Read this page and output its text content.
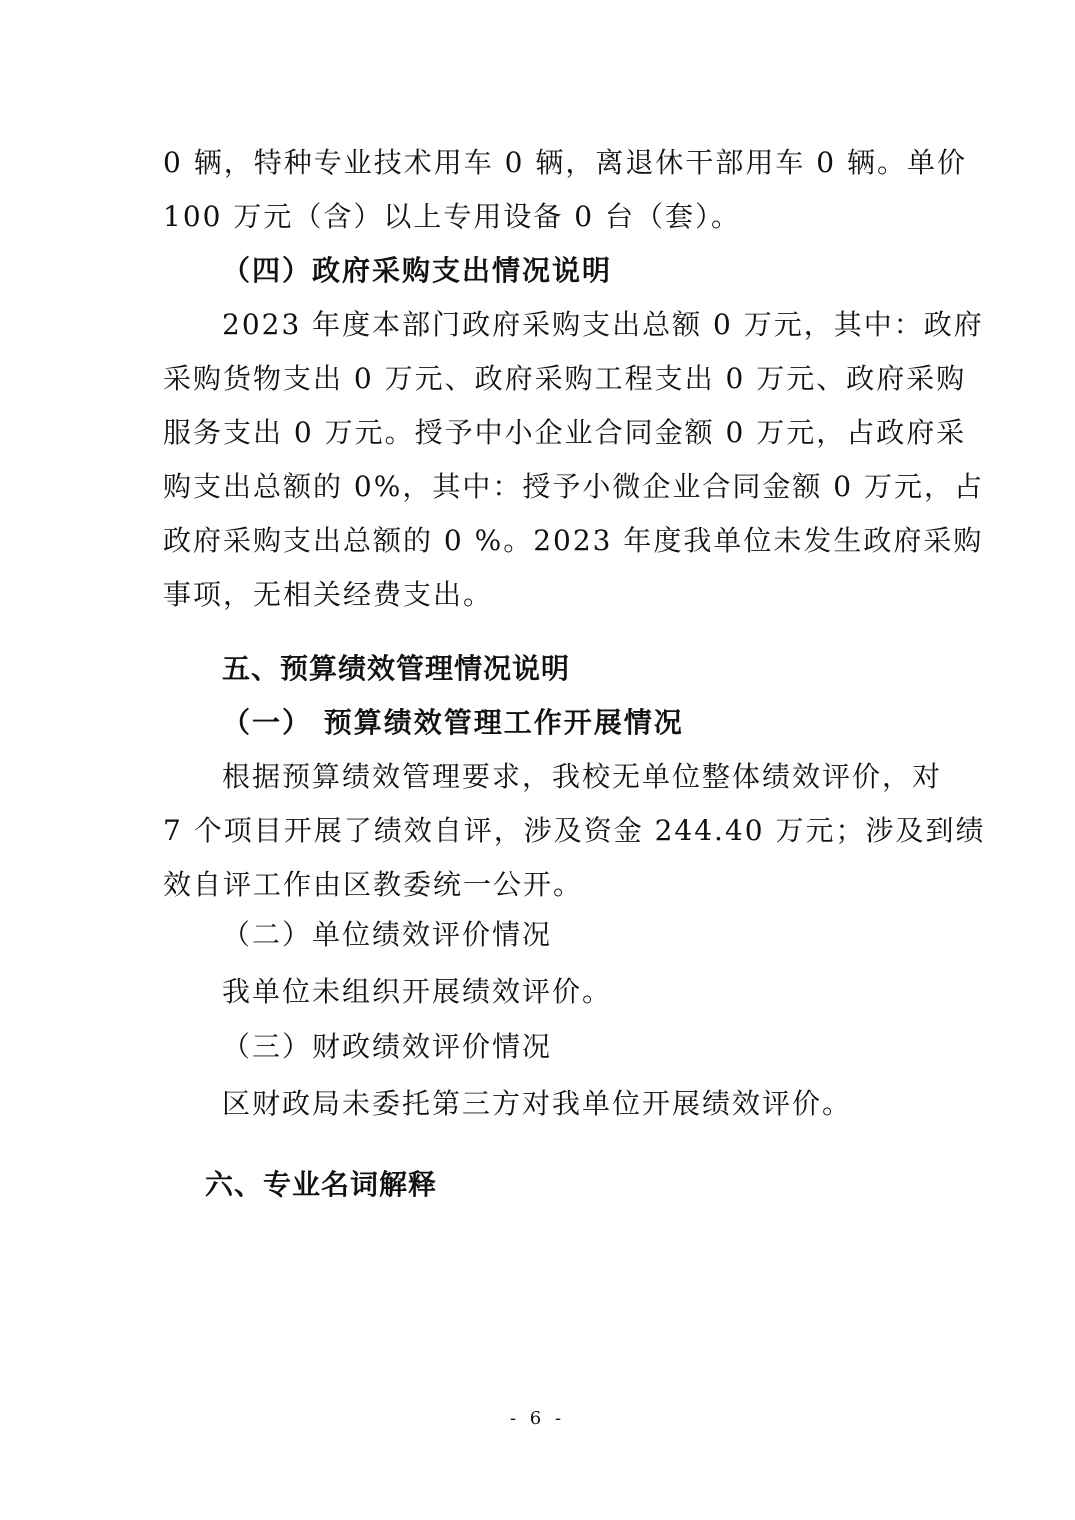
0 辆，特种专业技术用车 0 辆，离退休干部用车 0 辆。单价
100 万元（含）以上专用设备 0 台（套）。
（四）政府采购支出情况说明
2023 年度本部门政府采购支出总额 0 万元，其中：政府
采购货物支出 0 万元、政府采购工程支出 0 万元、政府采购
服务支出 0 万元。授予中小企业合同金额 0 万元，占政府采
购支出总额的 0%，其中：授予小微企业合同金额 0 万元，占
政府采购支出总额的 0 %。2023 年度我单位未发生政府采购
事项，无相关经费支出。
五、预算绩效管理情况说明
（一） 预算绩效管理工作开展情况
根据预算绩效管理要求，我校无单位整体绩效评价，对
7 个项目开展了绩效自评，涉及资金 244.40 万元；涉及到绩
效自评工作由区教委统一公开。
（二）单位绩效评价情况
我单位未组织开展绩效评价。
（三）财政绩效评价情况
区财政局未委托第三方对我单位开展绩效评价。
六、专业名词解释
- 6 -
